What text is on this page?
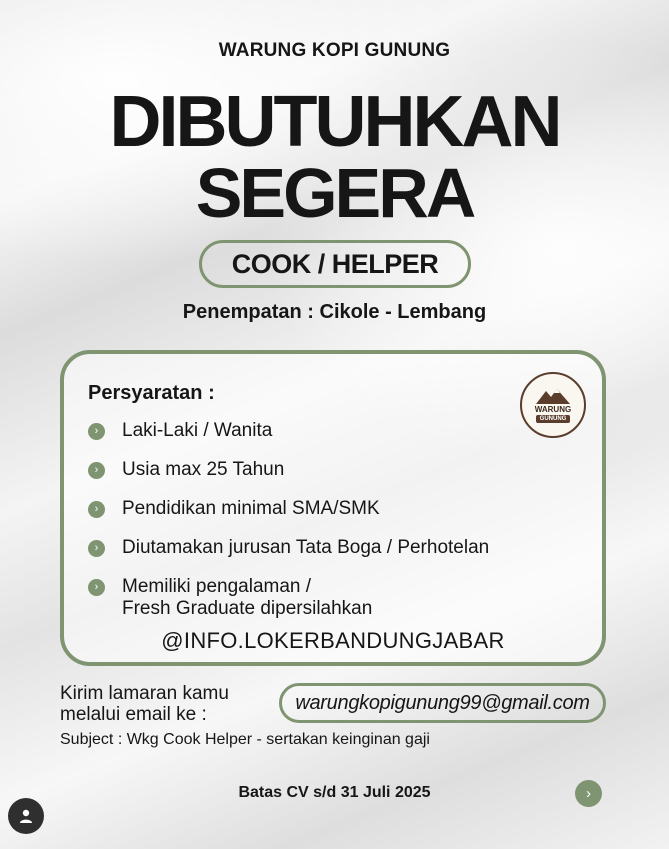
WARUNG KOPI GUNUNG
DIBUTUHKAN
SEGERA
COOK / HELPER
Penempatan : Cikole - Lembang
Persyaratan :
WARUNG
GUNUNG
›	Laki-Laki / Wanita
›	Usia max 25 Tahun
›	Pendidikan minimal SMA/SMK
›	Diutamakan jurusan Tata Boga / Perhotelan
›	Memiliki pengalaman /
Fresh Graduate dipersilahkan
@INFO.LOKERBANDUNGJABAR
Kirim lamaran kamu
melalui email ke :
warungkopigunung99@gmail.com
Subject : Wkg Cook Helper - sertakan keinginan gaji
Batas CV s/d 31 Juli 2025	›
